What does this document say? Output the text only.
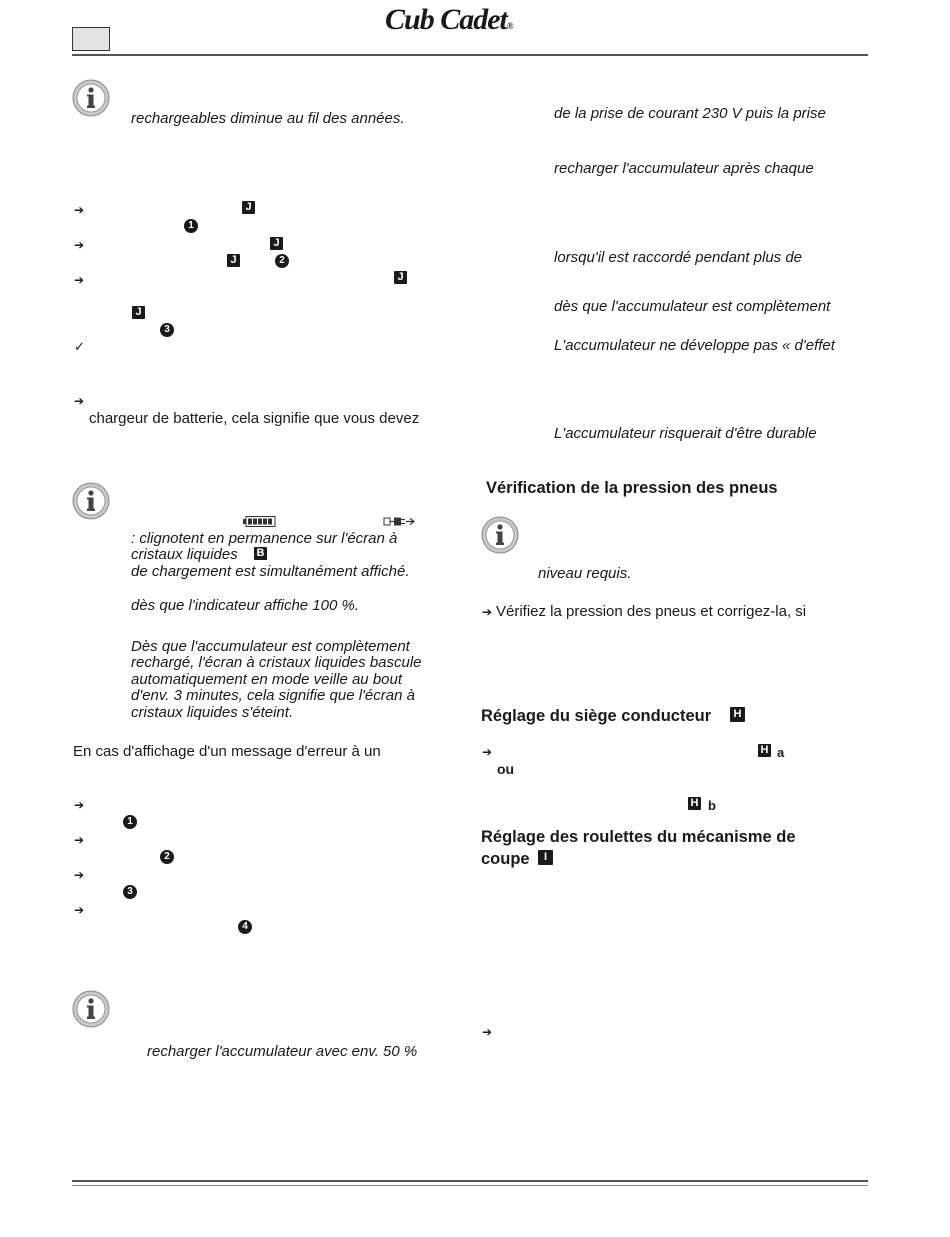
Cub Cadet®
rechargeables diminue au fil des années.
➔	J
1
➔	J
J	2
➔	J
J
3
✓
➔
chargeur de batterie, cela signifie que vous devez
: clignotent en permanence sur l'écran à
cristaux liquides B
de chargement est simultanément affiché.
dès que l'indicateur affiche 100 %.
Dès que l'accumulateur est complètement
rechargé, l'écran à cristaux liquides bascule
automatiquement en mode veille au bout
d'env. 3 minutes, cela signifie que l'écran à
cristaux liquides s'éteint.
En cas d'affichage d'un message d'erreur à un
➔
1
➔
2
➔
3
➔
4
recharger l'accumulateur avec env. 50 %
de la prise de courant 230 V puis la prise
recharger l'accumulateur après chaque
lorsqu'il est raccordé pendant plus de
dès que l'accumulateur est complètement
L'accumulateur ne développe pas « d'effet
L'accumulateur risquerait d'être durable
Vérification de la pression des pneus
niveau requis.
➔ Vérifiez la pression des pneus et corrigez-la, si
Réglage du siège conducteur	H
➔	H a
ou
H b
Réglage des roulettes du mécanisme de
coupe	I
➔
